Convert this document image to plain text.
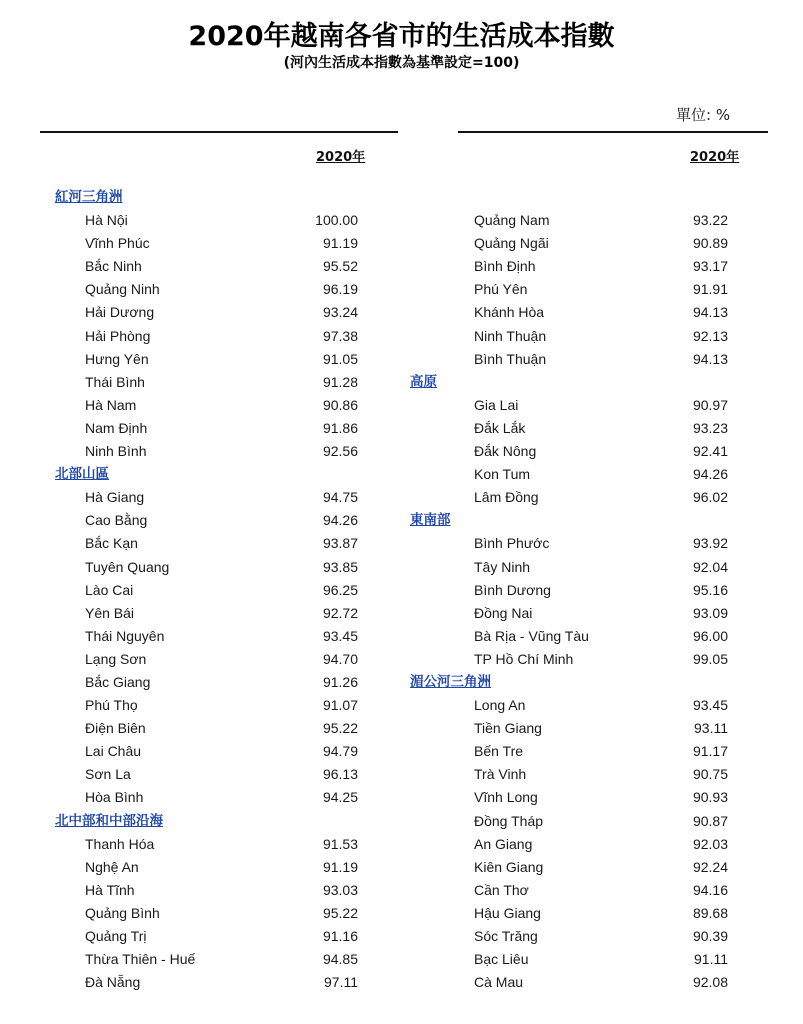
2020年越南各省市的生活成本指數
(河內生活成本指數為基準設定=100)
單位: %
2020年	2020年
紅河三角洲
Hà Nội	100.00
Vĩnh Phúc	91.19
Bắc Ninh	95.52
Quảng Ninh	96.19
Hải Dương	93.24
Hải Phòng	97.38
Hưng Yên	91.05
Thái Bình	91.28
Hà Nam	90.86
Nam Định	91.86
Ninh Bình	92.56
北部山區
Hà Giang	94.75
Cao Bằng	94.26
Bắc Kạn	93.87
Tuyên Quang	93.85
Lào Cai	96.25
Yên Bái	92.72
Thái Nguyên	93.45
Lạng Sơn	94.70
Bắc Giang	91.26
Phú Thọ	91.07
Điện Biên	95.22
Lai Châu	94.79
Sơn La	96.13
Hòa Bình	94.25
北中部和中部沿海
Thanh Hóa	91.53
Nghệ An	91.19
Hà Tĩnh	93.03
Quảng Bình	95.22
Quảng Trị	91.16
Thừa Thiên - Huế	94.85
Đà Nẵng	97.11
Quảng Nam	93.22
Quảng Ngãi	90.89
Bình Định	93.17
Phú Yên	91.91
Khánh Hòa	94.13
Ninh Thuận	92.13
Bình Thuận	94.13
高原
Gia Lai	90.97
Đắk Lắk	93.23
Đắk Nông	92.41
Kon Tum	94.26
Lâm Đồng	96.02
東南部
Bình Phước	93.92
Tây Ninh	92.04
Bình Dương	95.16
Đồng Nai	93.09
Bà Rịa - Vũng Tàu	96.00
TP Hồ Chí Minh	99.05
湄公河三角洲
Long An	93.45
Tiền Giang	93.11
Bến Tre	91.17
Trà Vinh	90.75
Vĩnh Long	90.93
Đồng Tháp	90.87
An Giang	92.03
Kiên Giang	92.24
Cần Thơ	94.16
Hậu Giang	89.68
Sóc Trăng	90.39
Bạc Liêu	91.11
Cà Mau	92.08
